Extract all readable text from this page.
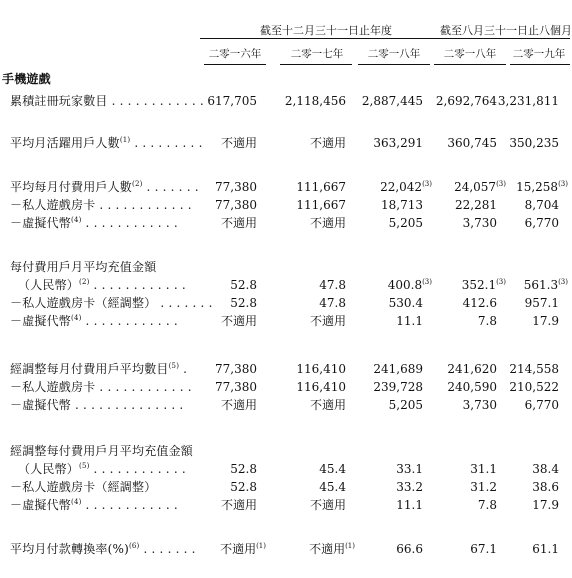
截至十二月三十一日止年度	截至八月三十一日止八個月
二零一六年	二零一七年	二零一八年	二零一八年	二零一九年
手機遊戲
累積註冊玩家數目 . . . . . . . . . . . . 617,705	2,118,456	2,887,445	2,692,764 3,231,811
平均月活躍用戶人數$^{(1)}$ . . . . . . . . . 不適用	不適用	363,291	360,745	350,235
平均每月付費用戶人數$^{(2)}$ . . . . . . . 77,380	111,667	22,042$^{(3)}$ 24,057$^{(3)}$ $15,258^{(3)}$
－私人遊戲房卡 . . . . . . . . . . . . 77,380	111,667	18,713	22,281	8,704
－虛擬代幣$^{(4)}$ . . . . . . . . . . . .	不適用	不適用	5,205	3,730	6,770
每付費用戶月平均充值金額
（人民幣）$^{(2)}$ . . . . . . . . . . . .	52.8	47.8	400.8$^{(3)}$ 352.1$^{(3)}$ $561.3^{(3)}$
－私人遊戲房卡（經調整） . . . . . . . 52.8	47.8	530.4	412.6	957.1
－虛擬代幣$^{(4)}$ . . . . . . . . . . . .	不適用	不適用	11.1	7.8	17.9
經調整每月付費用戶平均數目$^{(5)}$ . 77,380	116,410	241,689	241,620	214,558
－私人遊戲房卡 . . . . . . . . . . . . 77,380	116,410	239,728	240,590	210,522
－虛擬代幣 . . . . . . . . . . . . . .	不適用	不適用	5,205	3,730	6,770
經調整每付費用戶月平均充值金額
（人民幣）$^{(5)}$ . . . . . . . . . . . .	52.8	45.4	33.1	31.1	38.4
－私人遊戲房卡（經調整）	52.8	45.4	33.2	31.2	38.6
－虛擬代幣$^{(4)}$ . . . . . . . . . . . .	不適用	不適用	11.1	7.8	17.9
平均月付款轉換率(%)$^{(6)}$ . . . . . . . 不適用$^{(1)}$	不適用$^{(1)}$	66.6	67.1	61.1
